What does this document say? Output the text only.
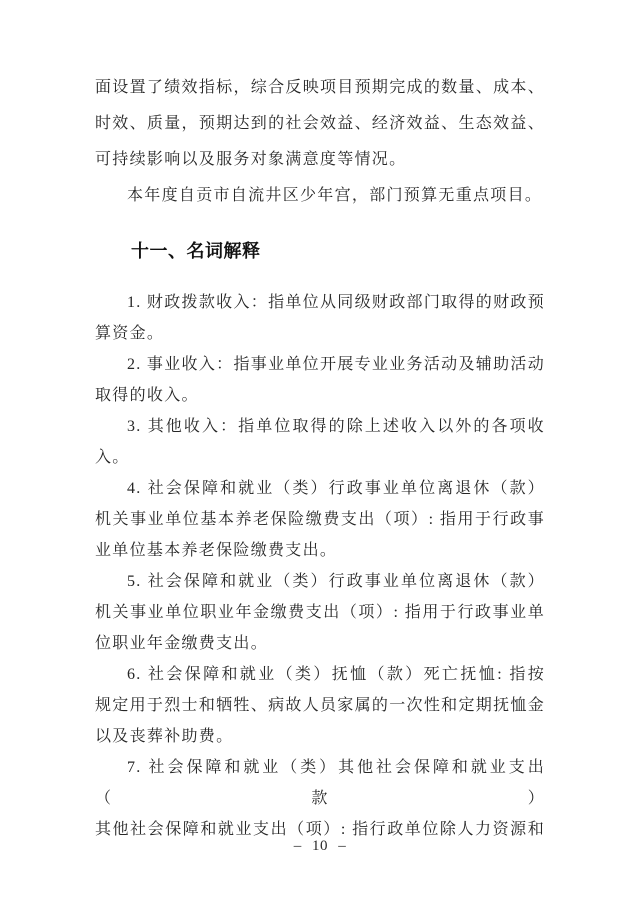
面设置了绩效指标，综合反映项目预期完成的数量、成本、
时效、质量，预期达到的社会效益、经济效益、生态效益、
可持续影响以及服务对象满意度等情况。
本年度自贡市自流井区少年宫，部门预算无重点项目。
十一、名词解释
1. 财政拨款收入：指单位从同级财政部门取得的财政预
算资金。
2. 事业收入：指事业单位开展专业业务活动及辅助活动
取得的收入。
3. 其他收入：指单位取得的除上述收入以外的各项收
入。
4. 社会保障和就业（类）行政事业单位离退休（款）
机关事业单位基本养老保险缴费支出（项）: 指用于行政事
业单位基本养老保险缴费支出。
5. 社会保障和就业（类）行政事业单位离退休（款）
机关事业单位职业年金缴费支出（项）: 指用于行政事业单
位职业年金缴费支出。
6. 社会保障和就业（类）抚恤（款）死亡抚恤: 指按
规定用于烈士和牺牲、病故人员家属的一次性和定期抚恤金
以及丧葬补助费。
7. 社会保障和就业（类）其他社会保障和就业支出（款）
其他社会保障和就业支出（项）: 指行政单位除人力资源和
– 10 –
